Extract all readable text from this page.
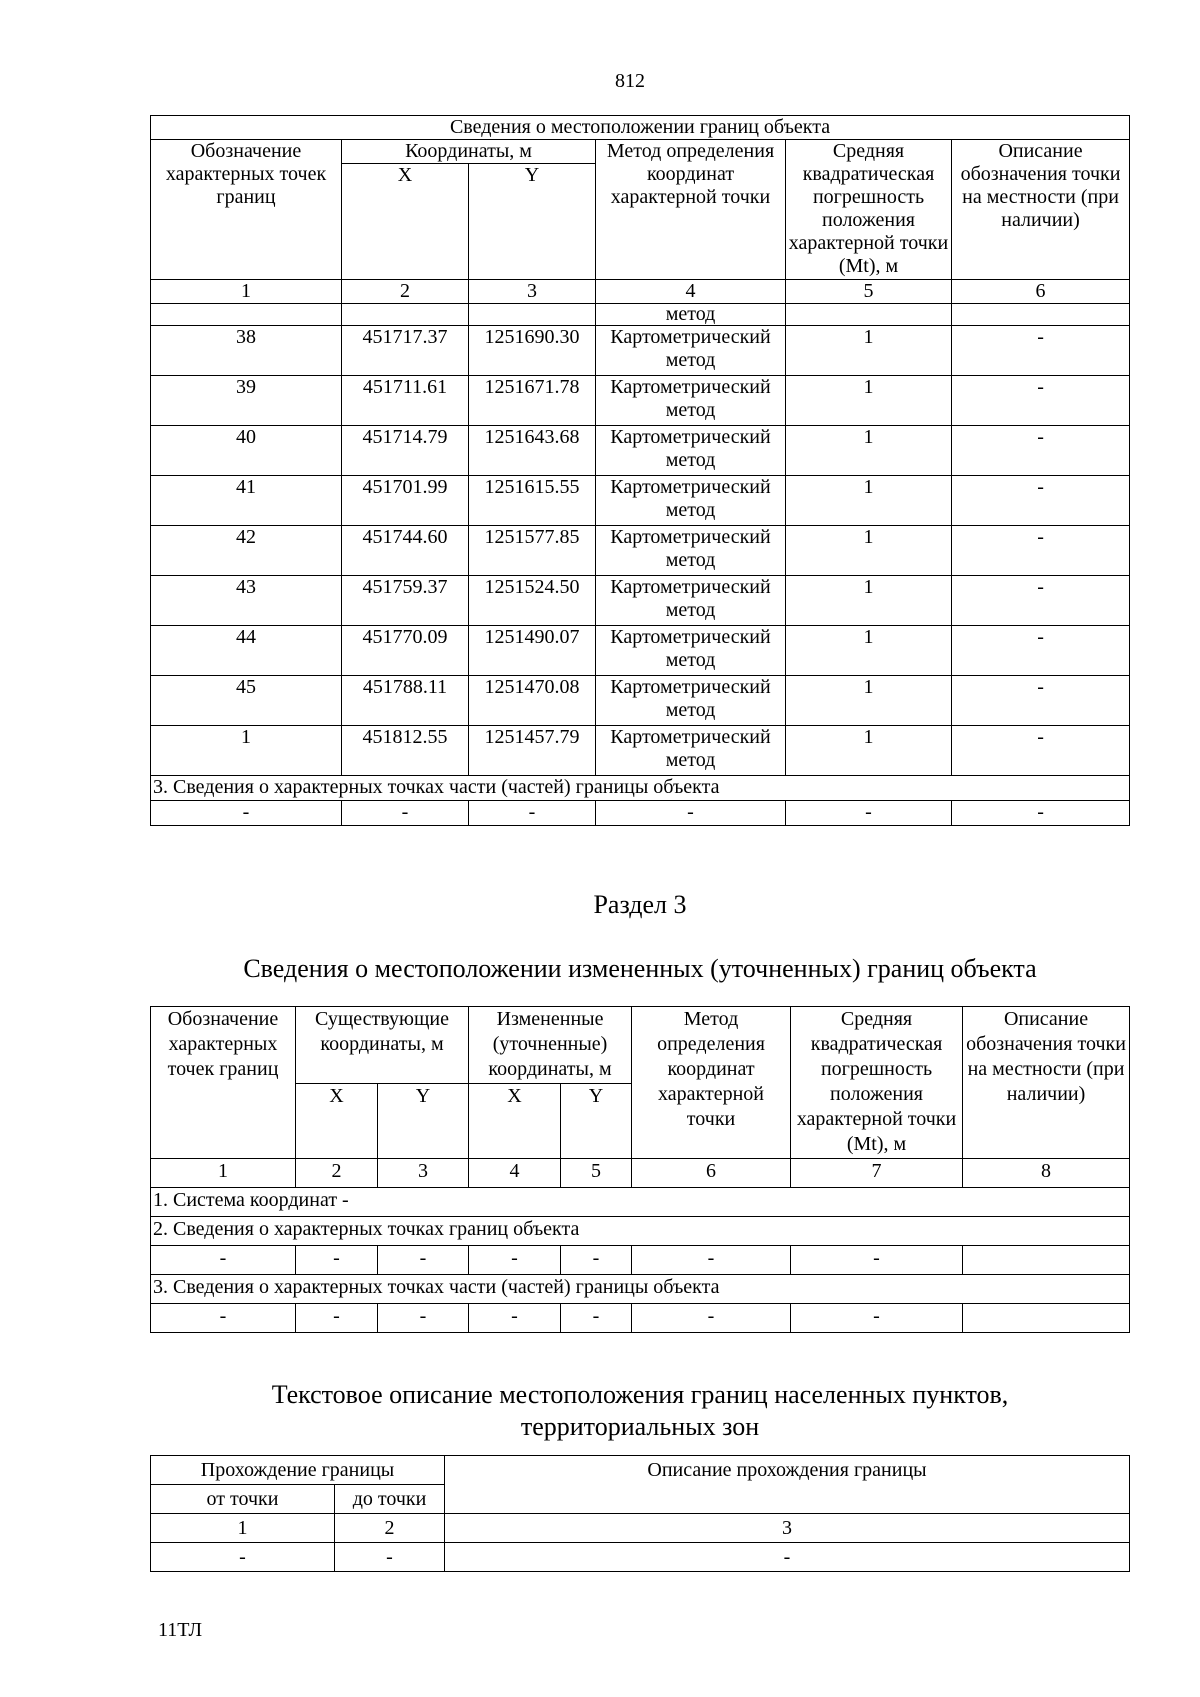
812
Сведения о местоположении границ объекта					
Обозначение характерных точек границ	Координаты, м		Метод определения координат характерной точки	Средняя квадратическая погрешность положения характерной точки (Mt), м	Описание обозначения точки на местности (при наличии)
	X	Y			
1	2	3	4	5	6
			метод		
38	451717.37	1251690.30	Картометрический метод	1	-
39	451711.61	1251671.78	Картометрический метод	1	-
40	451714.79	1251643.68	Картометрический метод	1	-
41	451701.99	1251615.55	Картометрический метод	1	-
42	451744.60	1251577.85	Картометрический метод	1	-
43	451759.37	1251524.50	Картометрический метод	1	-
44	451770.09	1251490.07	Картометрический метод	1	-
45	451788.11	1251470.08	Картометрический метод	1	-
1	451812.55	1251457.79	Картометрический метод	1	-
3. Сведения о характерных точках части (частей) границы объекта					
-	-	-	-	-	-
Раздел 3
Сведения о местоположении измененных (уточненных) границ объекта
Обозначение характерных точек границ	Существующие координаты, м		Измененные (уточненные) координаты, м		Метод определения координат характерной точки	Средняя квадратическая погрешность положения характерной точки (Mt), м	Описание обозначения точки на местности (при наличии)
	X	Y	X	Y			
1	2	3	4	5	6	7	8
1. Система координат -							
2. Сведения о характерных точках границ объекта							
-	-	-	-	-	-	-	
3. Сведения о характерных точках части (частей) границы объекта							
-	-	-	-	-	-	-	
Текстовое описание местоположения границ населенных пунктов,
территориальных зон
Прохождение границы		Описание прохождения границы
от точки	до точки	
1	2	3
-	-	-
11ТЛ
